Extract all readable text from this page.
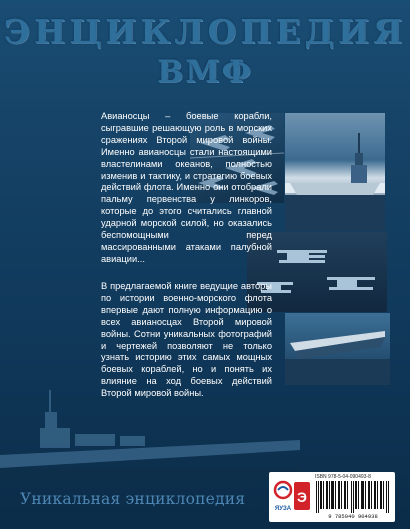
ЭНЦИКЛОПЕДИЯ
ВМФ

Авианосцы – боевые корабли, сыгравшие решающую роль в морских сражениях Второй мировой войны. Именно авианосцы стали настоящими властелинами океанов, полностью изменив и тактику, и стратегию боевых действий флота. Именно они отобрали пальму первенства у линкоров, которые до этого считались главной ударной морской силой, но оказались беспомощными перед массированными атаками палубной авиации...

В предлагаемой книге ведущие авторы по истории военно-морского флота впервые дают полную информацию о всех авианосцах Второй мировой войны. Сотни уникальных фотографий и чертежей позволяют не только узнать историю этих самых мощных боевых кораблей, но и понять их влияние на ход боевых действий Второй мировой войны.

Уникальная энциклопедия
ЯУЗА
Э
ISBN 978-5-04-090493-8
9 785040 904938
